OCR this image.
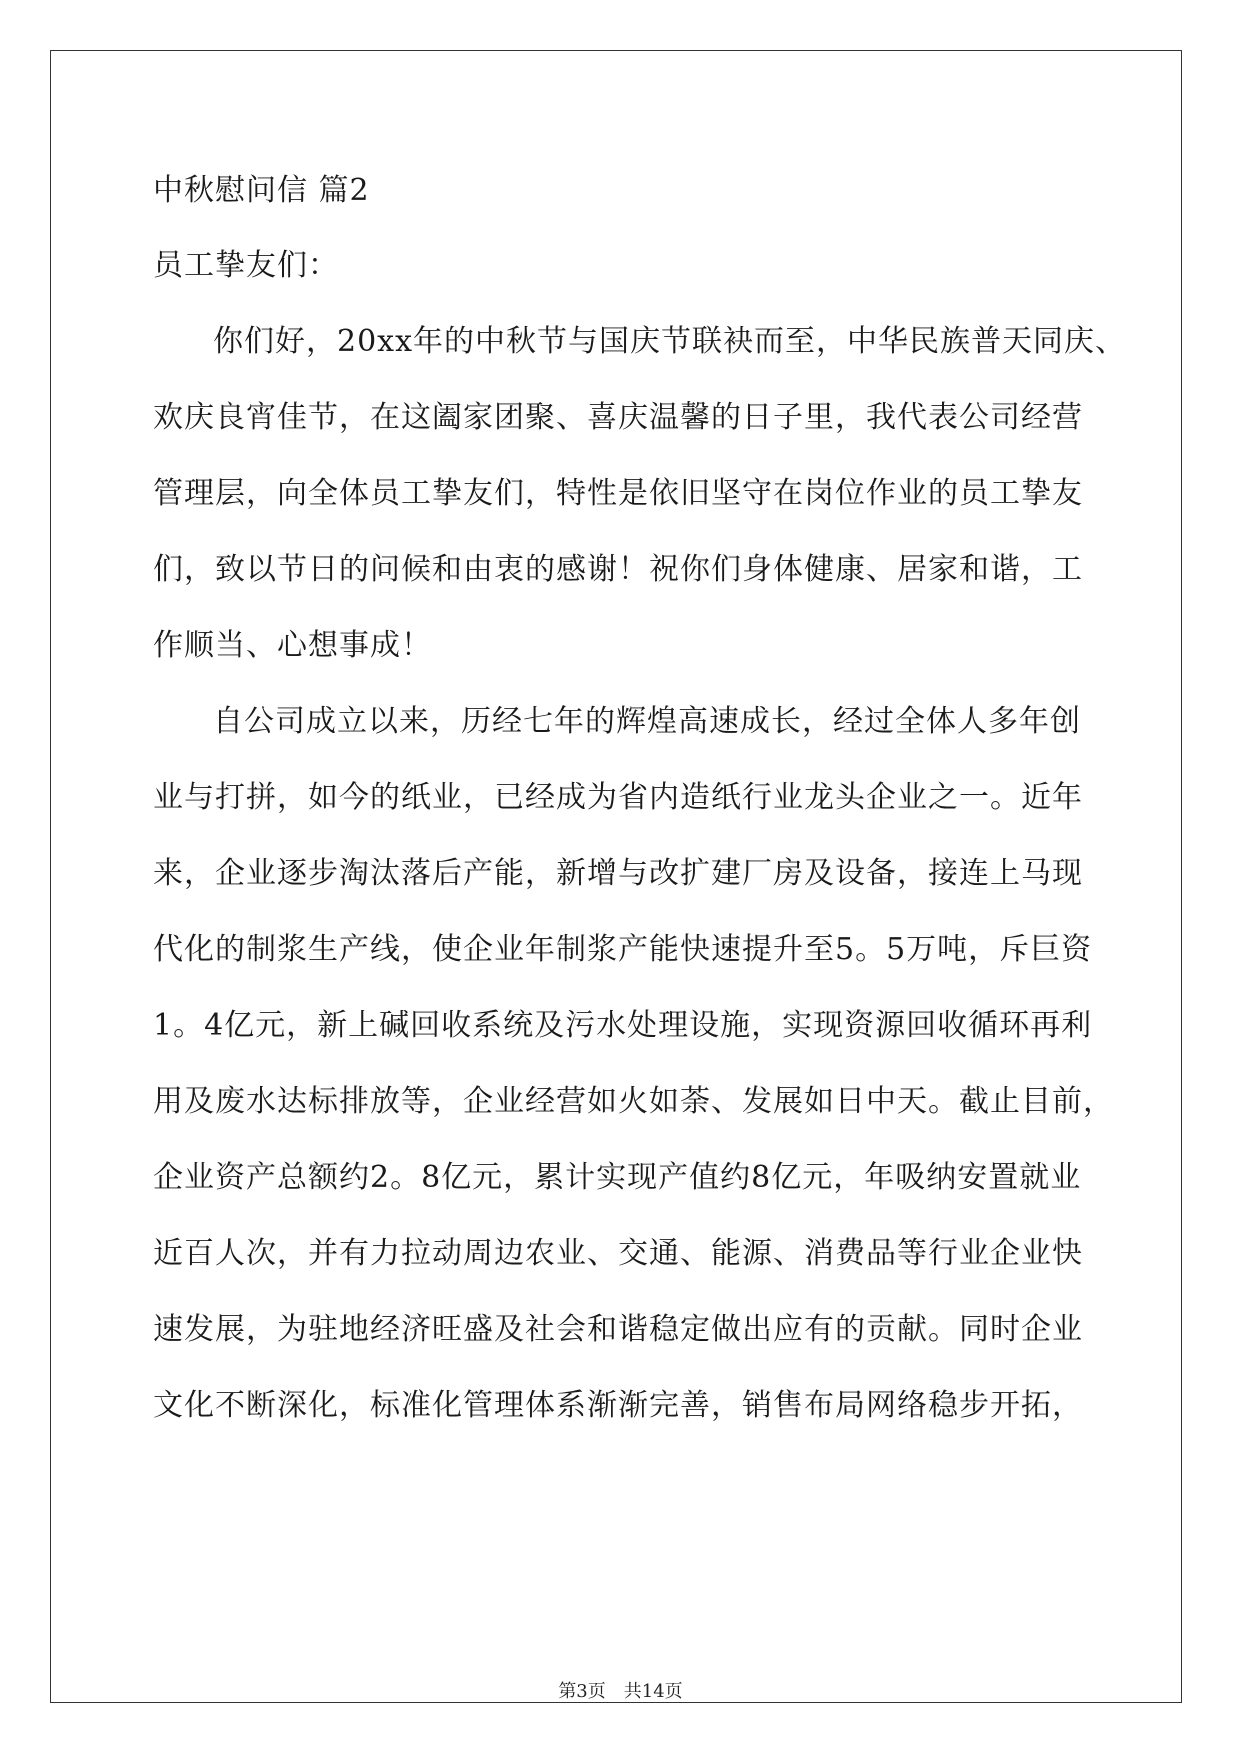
中秋慰问信 篇2
员工挚友们：
你们好，20xx年的中秋节与国庆节联袂而至，中华民族普天同庆、
欢庆良宵佳节，在这阖家团聚、喜庆温馨的日子里，我代表公司经营
管理层，向全体员工挚友们，特性是依旧坚守在岗位作业的员工挚友
们，致以节日的问候和由衷的感谢！祝你们身体健康、居家和谐，工
作顺当、心想事成！
自公司成立以来，历经七年的辉煌高速成长，经过全体人多年创
业与打拼，如今的纸业，已经成为省内造纸行业龙头企业之一。近年
来，企业逐步淘汰落后产能，新增与改扩建厂房及设备，接连上马现
代化的制浆生产线，使企业年制浆产能快速提升至5。5万吨，斥巨资
1。4亿元，新上碱回收系统及污水处理设施，实现资源回收循环再利
用及废水达标排放等，企业经营如火如荼、发展如日中天。截止目前，
企业资产总额约2。8亿元，累计实现产值约8亿元，年吸纳安置就业
近百人次，并有力拉动周边农业、交通、能源、消费品等行业企业快
速发展，为驻地经济旺盛及社会和谐稳定做出应有的贡献。同时企业
文化不断深化，标准化管理体系渐渐完善，销售布局网络稳步开拓，
第3页　共14页
